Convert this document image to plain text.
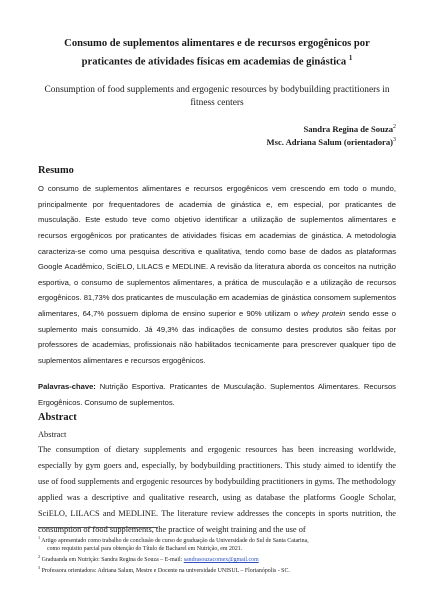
Consumo de suplementos alimentares e de recursos ergogênicos por
praticantes de atividades físicas em academias de ginástica $^1$
Consumption of food supplements and ergogenic resources by bodybuilding practitioners in fitness centers
Sandra Regina de Souza$^2$
Msc. Adriana Salum (orientadora)$^3$
Resumo

O consumo de suplementos alimentares e recursos ergogênicos vem crescendo em todo o mundo, principalmente por frequentadores de academia de ginástica e, em especial, por praticantes de musculação. Este estudo teve como objetivo identificar a utilização de suplementos alimentares e recursos ergogênicos por praticantes de atividades físicas em academias de ginástica. A metodologia caracteriza-se como uma pesquisa descritiva e qualitativa, tendo como base de dados as plataformas Google Acadêmico, SciELO, LILACS e MEDLINE. A revisão da literatura aborda os conceitos na nutrição esportiva, o consumo de suplementos alimentares, a prática de musculação e a utilização de recursos ergogênicos. 81,73% dos praticantes de musculação em academias de ginástica consomem suplementos alimentares, 64,7% possuem diploma de ensino superior e 90% utilizam o whey protein sendo esse o suplemento mais consumido. Já 49,3% das indicações de consumo destes produtos são feitas por professores de academias, profissionais não habilitados tecnicamente para prescrever qualquer tipo de suplementos alimentares e recursos ergogênicos.

Palavras-chave: Nutrição Esportiva. Praticantes de Musculação. Suplementos Alimentares. Recursos Ergogênicos. Consumo de suplementos.

Abstract

Abstract

The consumption of dietary supplements and ergogenic resources has been increasing worldwide, especially by gym goers and, especially, by bodybuilding practitioners. This study aimed to identify the use of food supplements and ergogenic resources by bodybuilding practitioners in gyms. The methodology applied was a descriptive and qualitative research, using as database the platforms Google Scholar, SciELO, LILACS and MEDLINE. The literature review addresses the concepts in sports nutrition, the consumption of food supplements, the practice of weight training and the use of

$^1$ Artigo apresentado como trabalho de conclusão de curso de graduação da Universidade do Sul de Santa Catarina,

como requisito parcial para obtenção do Título de Bacharel em Nutrição, em 2021.

$^2$ Graduanda em Nutrição: Sandra Regina de Souza – E-mail: sandrasouzacomex@gmail.com

$^3$ Professora orientadora: Adriana Salum, Mestre e Docente na universidade UNISUL – Florianópolis - SC.
